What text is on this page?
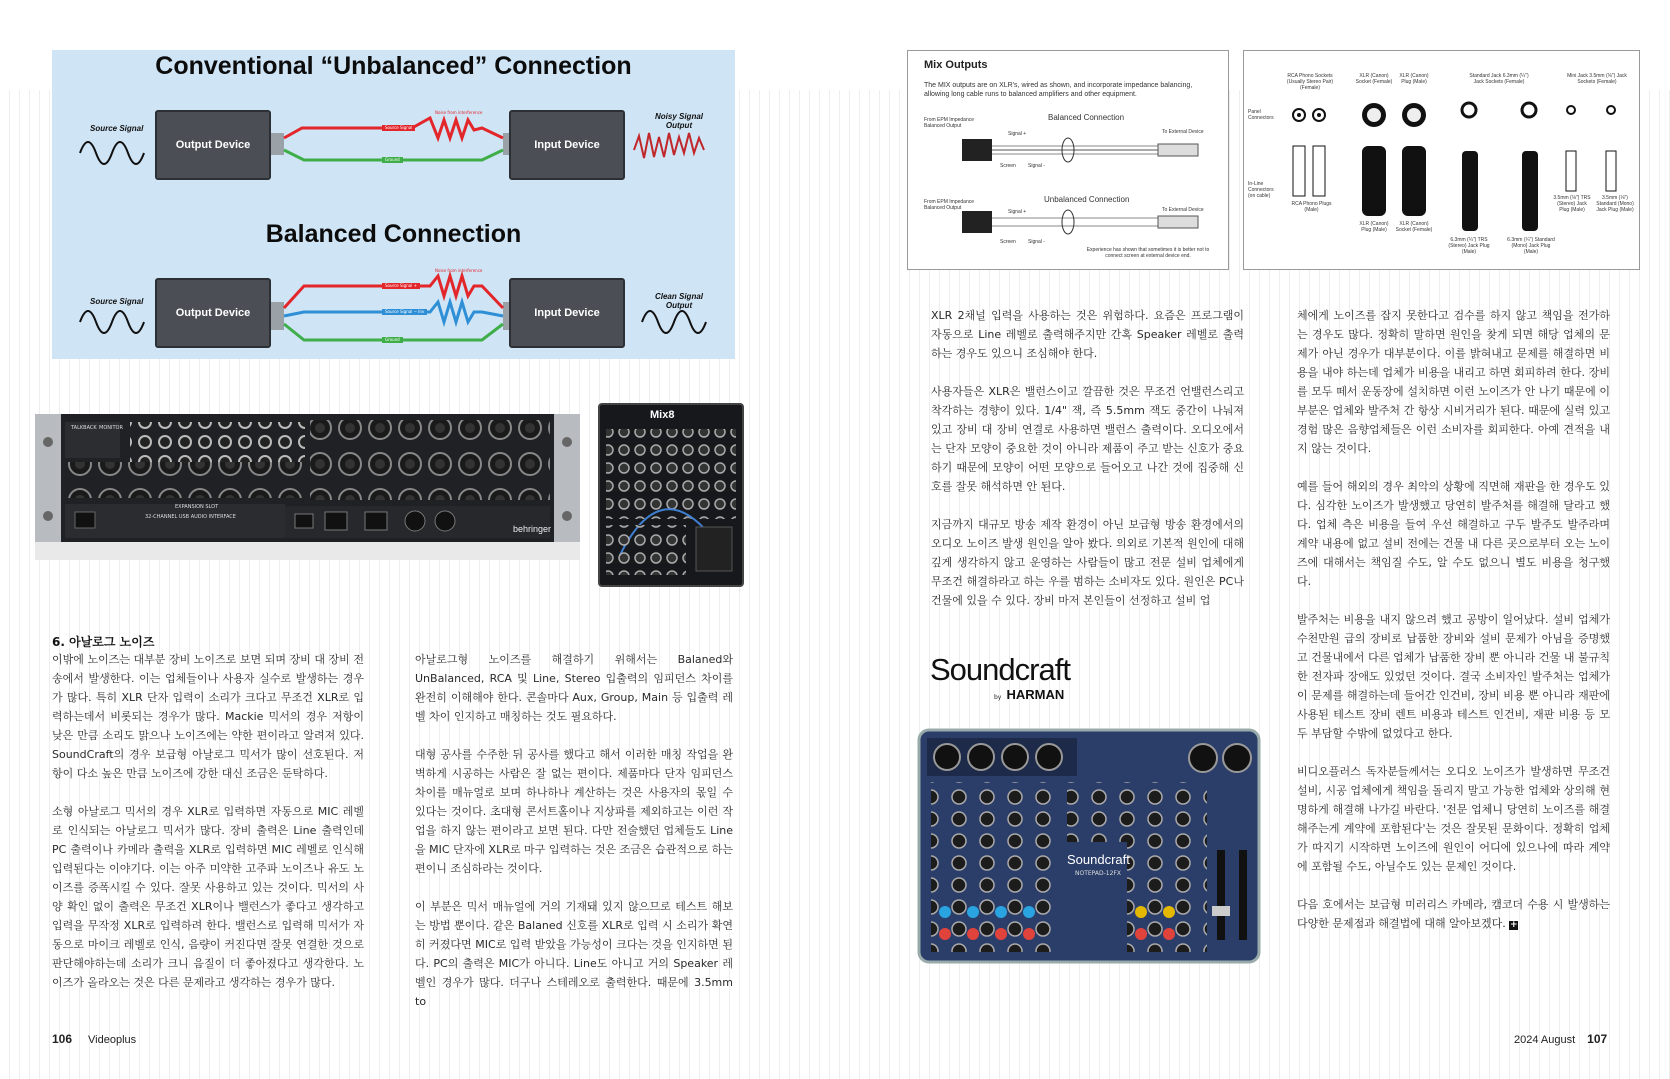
Conventional “Unbalanced” Connection
Balanced Connection
Output Device	Input Device
Output Device	Input Device
Source Signal
Source Signal
Noisy Signal Output
Clean Signal Output
Noise from interference
Noise from interference
Source Signal
Ground
Source Signal +
Source Signal − Inv
Ground
TALKBACK MONITOR
EXPANSION SLOT
32-CHANNEL USB AUDIO INTERFACE
behringer
Mix8

6. 아날로그 노이즈

이밖에 노이즈는 대부분 장비 노이즈로 보면 되며 장비 대 장비 전송에서 발생한다. 이는 업체들이나 사용자 실수로 발생하는 경우가 많다. 특히 XLR 단자 입력이 소리가 크다고 무조건 XLR로 입력하는데서 비롯되는 경우가 많다. Mackie 믹서의 경우 저항이 낮은 만큼 소리도 맑으나 노이즈에는 약한 편이라고 알려져 있다. SoundCraft의 경우 보급형 아날로그 믹서가 많이 선호된다. 저항이 다소 높은 만큼 노이즈에 강한 대신 조금은 둔탁하다.

소형 아날로그 믹서의 경우 XLR로 입력하면 자동으로 MIC 레벨로 인식되는 아날로그 믹서가 많다. 장비 출력은 Line 출력인데 PC 출력이나 카메라 출력을 XLR로 입력하면 MIC 레벨로 인식해 입력된다는 이야기다. 이는 아주 미약한 고주파 노이즈나 유도 노이즈를 증폭시킬 수 있다. 잘못 사용하고 있는 것이다. 믹서의 사양 확인 없이 출력은 무조건 XLR이나 밸런스가 좋다고 생각하고 입력을 무작정 XLR로 입력하려 한다. 밸런스로 입력해 믹서가 자동으로 마이크 레벨로 인식, 음량이 커진다면 잘못 연결한 것으로 판단해야하는데 소리가 크니 음질이 더 좋아졌다고 생각한다. 노이즈가 올라오는 것은 다른 문제라고 생각하는 경우가 많다.

아날로그형 노이즈를 해결하기 위해서는 Balaned와 UnBalanced, RCA 및 Line, Stereo 입출력의 임피던스 차이를 완전히 이해해야 한다. 콘솔마다 Aux, Group, Main 등 입출력 레벨 차이 인지하고 매칭하는 것도 필요하다.

대형 공사를 수주한 뒤 공사를 했다고 해서 이러한 매칭 작업을 완벽하게 시공하는 사람은 잘 없는 편이다. 제품마다 단자 임피던스 차이를 매뉴얼로 보며 하나하나 계산하는 것은 사용자의 몫일 수 있다는 것이다. 초대형 콘서트홀이나 지상파를 제외하고는 이런 작업을 하지 않는 편이라고 보면 된다. 다만 전술했던 업체들도 Line을 MIC 단자에 XLR로 마구 입력하는 것은 조금은 습관적으로 하는 편이니 조심하라는 것이다.

이 부분은 믹서 매뉴얼에 거의 기재돼 있지 않으므로 테스트 해보는 방법 뿐이다. 같은 Balaned 신호를 XLR로 입력 시 소리가 확연히 커졌다면 MIC로 입력 받았을 가능성이 크다는 것을 인지하면 된다. PC의 출력은 MIC가 아니다. Line도 아니고 거의 Speaker 레벨인 경우가 많다. 더구나 스테레오로 출력한다. 때문에 3.5mm to

106 Videoplus
Mix Outputs
The MIX outputs are on XLR's, wired as shown, and incorporate impedance balancing, allowing long cable runs to balanced amplifiers and other equipment.
Balanced Connection
Unbalanced Connection
From EPM Impedance Balanced Output
From EPM Impedance Balanced Output
To External Device
To External Device
Signal +
Signal -
Screen
Signal +
Signal -
Screen
Experience has shown that sometimes it is better not to connect screen at external device end.
RCA Phono Sockets (Usually Stereo Pair) (Female)
XLR (Canon) Socket (Female)
XLR (Canon) Plug (Male)
Standard Jack 6.3mm (¼") Jack Sockets (Female)
Mini Jack 3.5mm (⅛") Jack Sockets (Female)
Panel Connectors
In-Line Connectors (on cable)
RCA Phono Plugs (Male)
XLR (Canon) Plug (Male)
XLR (Canon) Socket (Female)
6.3mm (¼") TRS (Stereo) Jack Plug (Male)
6.3mm (¼") Standard (Mono) Jack Plug (Male)
3.5mm (⅛") TRS (Stereo) Jack Plug (Male)
3.5mm (⅛") Standard (Mono) Jack Plug (Male)

XLR 2채널 입력을 사용하는 것은 위험하다. 요즘은 프로그램이 자동으로 Line 레벨로 출력해주지만 간혹 Speaker 레벨로 출력하는 경우도 있으니 조심해야 한다.

사용자들은 XLR은 밸런스이고 깔끔한 것은 무조건 언밸런스리고 착각하는 경향이 있다. 1/4" 잭, 즉 5.5mm 잭도 중간이 나눠져 있고 장비 대 장비 연결로 사용하면 밸런스 출력이다. 오디오에서는 단자 모양이 중요한 것이 아니라 제품이 주고 받는 신호가 중요하기 때문에 모양이 어떤 모양으로 들어오고 나간 것에 집중해 신호를 잘못 해석하면 안 된다.

지금까지 대규모 방송 제작 환경이 아닌 보급형 방송 환경에서의 오디오 노이즈 발생 원인을 알아 봤다. 의외로 기본적 원인에 대해 깊게 생각하지 않고 운영하는 사람들이 많고 전문 설비 업체에게 무조건 해결하라고 하는 우를 범하는 소비자도 있다. 원인은 PC나 건물에 있을 수 있다. 장비 마저 본인들이 선정하고 설비 업

체에게 노이즈를 잡지 못한다고 검수를 하지 않고 책임을 전가하는 경우도 많다. 정확히 말하면 원인을 찾게 되면 해당 업체의 문제가 아닌 경우가 대부분이다. 이를 밝혀내고 문제를 해결하면 비용을 내야 하는데 업체가 비용을 내리고 하면 회피하려 한다. 장비를 모두 떼서 운동장에 설치하면 이런 노이즈가 안 나기 때문에 이 부분은 업체와 발주처 간 항상 시비거리가 된다. 때문에 실력 있고 경험 많은 음향업체들은 이런 소비자를 회피한다. 아예 견적을 내지 않는 것이다.

예를 들어 해외의 경우 최악의 상황에 직면해 재판을 한 경우도 있다. 심각한 노이즈가 발생했고 당연히 발주처를 해결해 달라고 했다. 업체 측은 비용을 들여 우선 해결하고 구두 발주도 발주라며 계약 내용에 없고 설비 전에는 건물 내 다른 곳으로부터 오는 노이즈에 대해서는 책임질 수도, 알 수도 없으니 별도 비용을 청구했다.

발주처는 비용을 내지 않으려 했고 공방이 일어났다. 설비 업체가 수천만원 급의 장비로 납품한 장비와 설비 문제가 아님을 증명했고 건물내에서 다른 업체가 납품한 장비 뿐 아니라 건물 내 불규칙한 전자파 장애도 있었던 것이다. 결국 소비자인 발주처는 업체가 이 문제를 해결하는데 들어간 인건비, 장비 비용 뿐 아니라 재판에 사용된 테스트 장비 렌트 비용과 테스트 인건비, 재판 비용 등 모두 부담할 수밖에 없었다고 한다.

비디오플러스 독자분들께서는 오디오 노이즈가 발생하면 무조건 설비, 시공 업체에게 책임을 돌리지 말고 가능한 업체와 상의해 현명하게 해결해 나가길 바란다. '전문 업체니 당연히 노이즈를 해결해주는게 계약에 포함된다'는 것은 잘못된 문화이다. 정확히 업체가 따지기 시작하면 노이즈에 원인이 어디에 있으나에 따라 계약에 포함될 수도, 아닐수도 있는 문제인 것이다.

다음 호에서는 보급형 미러리스 카메라, 캠코더 수용 시 발생하는 다양한 문제점과 해결법에 대해 알아보겠다. +

Soundcraft
by HARMAN
Soundcraft
NOTEPAD-12FX
2024 August 107
